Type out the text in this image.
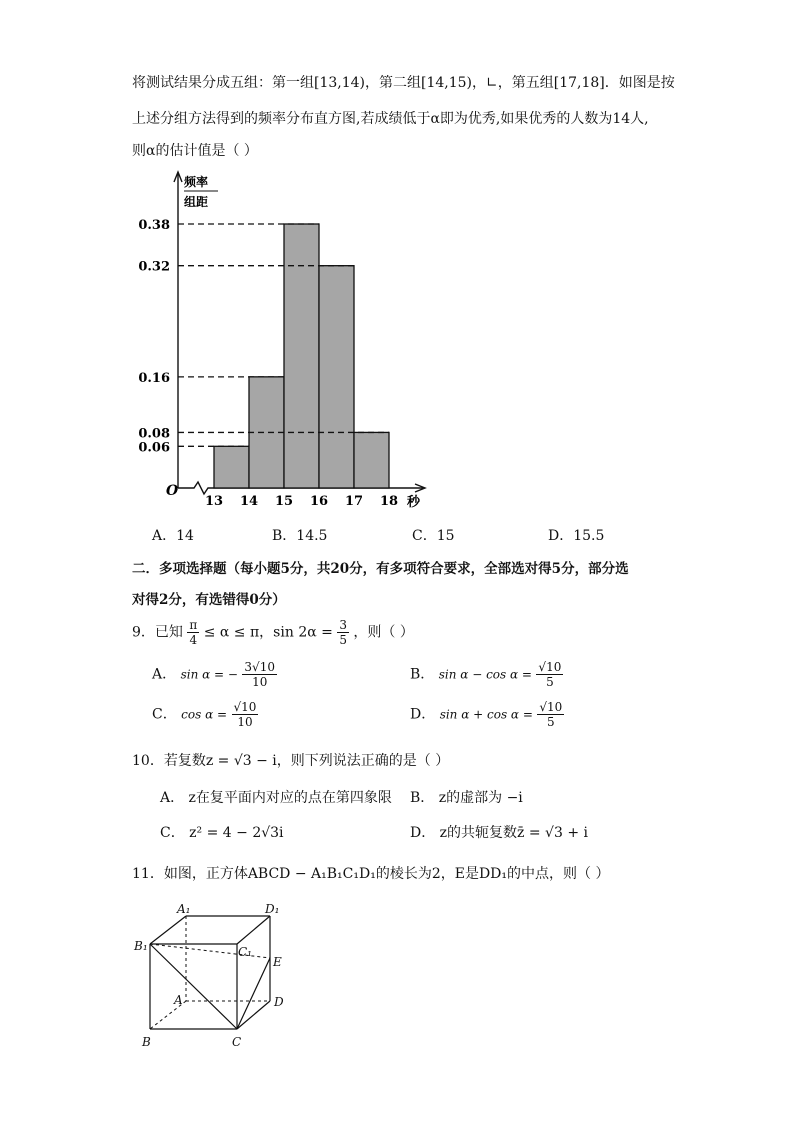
将测试结果分成五组：第一组[13,14)，第二组[14,15)，∟，第五组[17,18]．如图是按
上述分组方法得到的频率分布直方图,若成绩低于α即为优秀,如果优秀的人数为14人,
则α的估计值是（ ）
0.38
0.32
0.16
0.08
0.06
13 14 15 16 17 18
O
秒
频率
组距
A．14	B．14.5	C．15	D．15.5
二．多项选择题（每小题5分，共20分，有多项符合要求，全部选对得5分，部分选
对得2分，有选错得0分）
9．已知 $\frac{\pi}{4} \le \alpha \le \pi$，$\sin 2\alpha = \frac{3}{5}$ ，则（ ）
A． sin α = − $\frac{3√10}{10}$	B． $\sin \alpha - \cos \alpha = \frac{√10}{5}$
C． $\cos \alpha = \frac{√10}{10}$	D． $\sin \alpha + \cos \alpha = \frac{√10}{5}$
10．若复数z = √3 − i，则下列说法正确的是（ ）
A． z在复平面内对应的点在第四象限 B． z的虚部为 −i
C． z² = 4 − 2√3i	D． z的共轭复数z̄ = √3 + i
11．如图，正方体ABCD − A₁B₁C₁D₁的棱长为2，E是DD₁的中点，则（ ）
A₁	D₁
B₁	C₁
E
A	D
B	C
